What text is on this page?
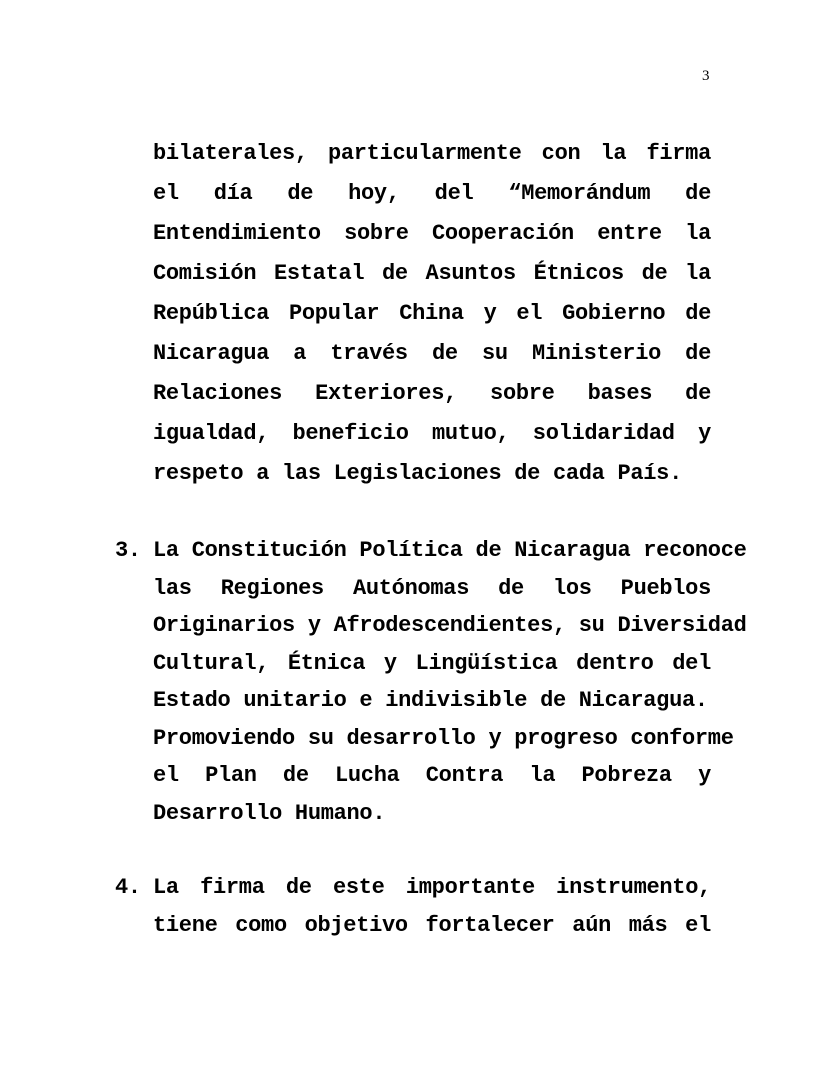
3
bilaterales, particularmente con la firma
el día de hoy, del “Memorándum de
Entendimiento sobre Cooperación entre la
Comisión Estatal de Asuntos Étnicos de la
República Popular China y el Gobierno de
Nicaragua a través de su Ministerio de
Relaciones Exteriores, sobre bases de
igualdad, beneficio mutuo, solidaridad y
respeto a las Legislaciones de cada País.
3. La Constitución Política de Nicaragua reconoce
las Regiones Autónomas de los Pueblos
Originarios y Afrodescendientes, su Diversidad
Cultural, Étnica y Lingüística dentro del
Estado unitario e indivisible de Nicaragua.
Promoviendo su desarrollo y progreso conforme
el Plan de Lucha Contra la Pobreza y
Desarrollo Humano.
4. La firma de este importante instrumento,
tiene como objetivo fortalecer aún más el
